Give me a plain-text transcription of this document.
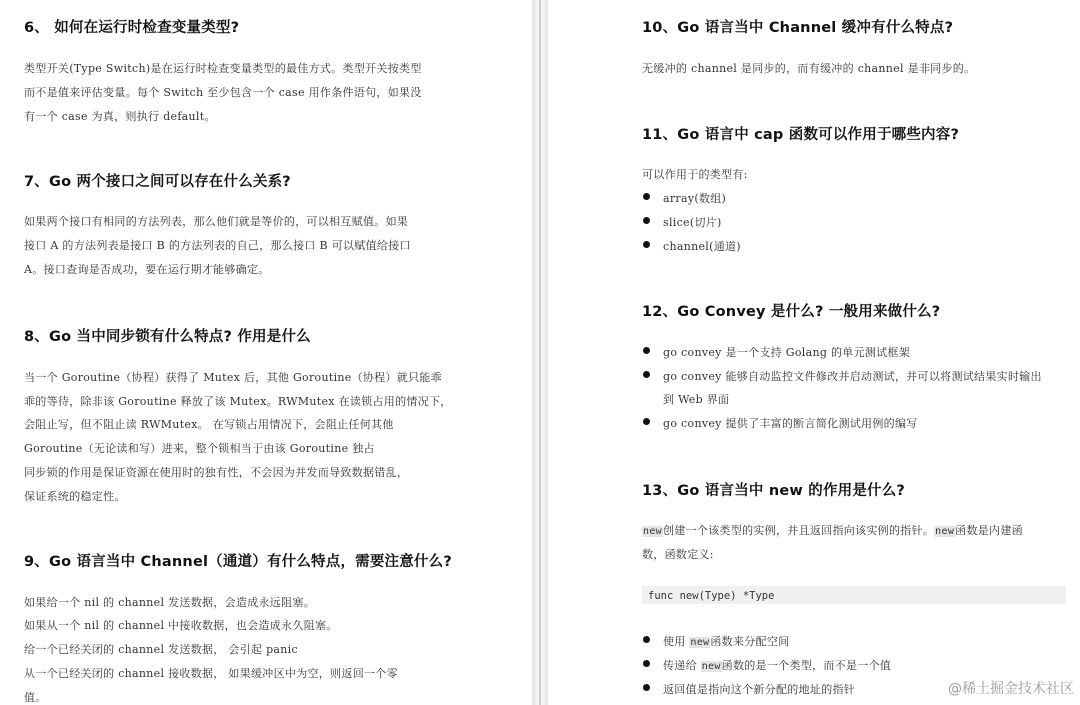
6、 如何在运行时检查变量类型?
类型开关(Type Switch)是在运行时检查变量类型的最佳方式。类型开关按类型
而不是值来评估变量。每个 Switch 至少包含一个 case 用作条件语句，如果没
有一个 case 为真，则执行 default。
7、Go 两个接口之间可以存在什么关系?
如果两个接口有相同的方法列表，那么他们就是等价的，可以相互赋值。如果
接口 A 的方法列表是接口 B 的方法列表的自己，那么接口 B 可以赋值给接口
A。接口查询是否成功，要在运行期才能够确定。
8、Go 当中同步锁有什么特点? 作用是什么
当一个 Goroutine（协程）获得了 Mutex 后，其他 Goroutine（协程）就只能乖
乖的等待，除非该 Goroutine 释放了该 Mutex。RWMutex 在读锁占用的情况下，
会阻止写，但不阻止读 RWMutex。 在写锁占用情况下，会阻止任何其他
Goroutine（无论读和写）进来，整个锁相当于由该 Goroutine 独占
同步锁的作用是保证资源在使用时的独有性，不会因为并发而导致数据错乱，
保证系统的稳定性。
9、Go 语言当中 Channel（通道）有什么特点，需要注意什么?
如果给一个 nil 的 channel 发送数据，会造成永远阻塞。
如果从一个 nil 的 channel 中接收数据，也会造成永久阻塞。
给一个已经关闭的 channel 发送数据， 会引起 panic
从一个已经关闭的 channel 接收数据， 如果缓冲区中为空，则返回一个零
值。
10、Go 语言当中 Channel 缓冲有什么特点?
无缓冲的 channel 是同步的，而有缓冲的 channel 是非同步的。
11、Go 语言中 cap 函数可以作用于哪些内容?
可以作用于的类型有:
array(数组)
slice(切片)
channel(通道)
12、Go Convey 是什么? 一般用来做什么?
go convey 是一个支持 Golang 的单元测试框架
go convey 能够自动监控文件修改并启动测试，并可以将测试结果实时输出
到 Web 界面
go convey 提供了丰富的断言简化测试用例的编写
13、Go 语言当中 new 的作用是什么?
new创建一个该类型的实例，并且返回指向该实例的指针。new函数是内建函
数，函数定义:
func new(Type) *Type
使用 new函数来分配空间
传递给 new函数的是一个类型，而不是一个值
返回值是指向这个新分配的地址的指针	@稀土掘金技术社区
